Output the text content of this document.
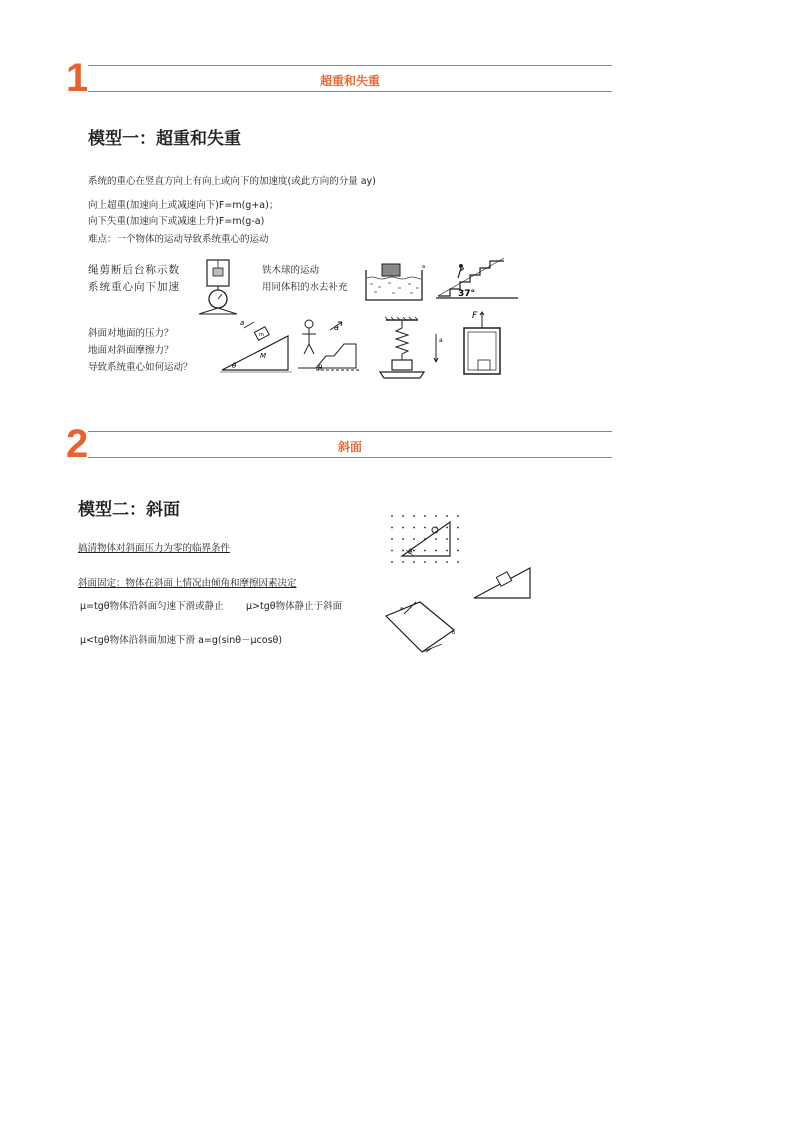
1	超重和失重
模型一：超重和失重
系统的重心在竖直方向上有向上或向下的加速度(或此方向的分量 ay)
向上超重(加速向上或减速向下)F=m(g+a)；
向下失重(加速向下或减速上升)F=m(g-a)
难点：一个物体的运动导致系统重心的运动
绳剪断后台称示数
系统重心向下加速
铁木球的运动
用同体积的水去补充
斜面对地面的压力？
地面对斜面摩擦力？
导致系统重心如何运动？
a
37°
a
m
M
θ
a
θ
a
F
2	斜面
模型二：斜面
搞清物体对斜面压力为零的临界条件
斜面固定：物体在斜面上情况由倾角和摩擦因素决定
μ=tgθ物体沿斜面匀速下滑或静止 μ>tgθ物体静止于斜面
μ<tgθ物体沿斜面加速下滑 a=g(sinθ－μcosθ)
θ
a
b
